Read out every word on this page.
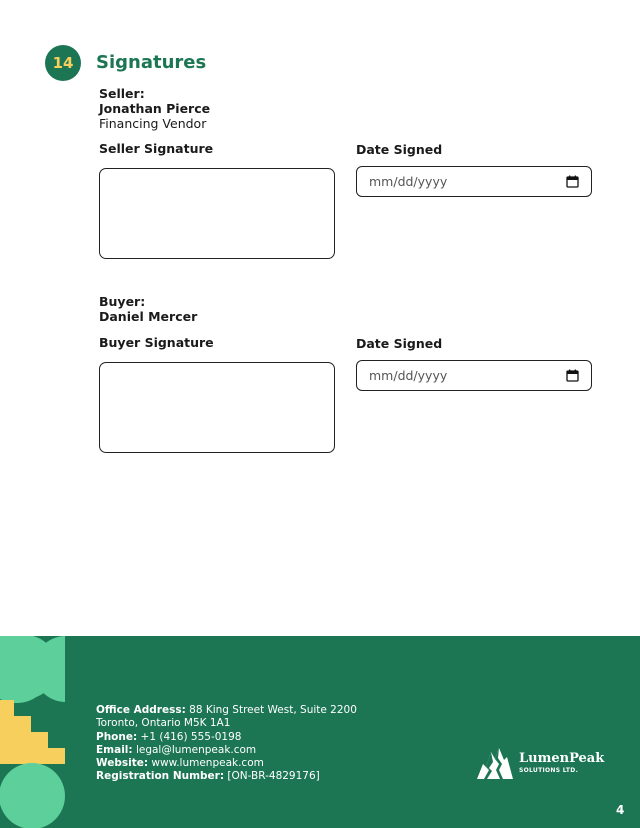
14	Signatures
Seller:
Jonathan Pierce
Financing Vendor
Seller Signature	Date Signed
mm/dd/yyyy
Buyer:
Daniel Mercer
Buyer Signature	Date Signed
mm/dd/yyyy
Office Address: 88 King Street West, Suite 2200
Toronto, Ontario M5K 1A1
Phone: +1 (416) 555-0198
Email: legal@lumenpeak.com
Website: www.lumenpeak.com
Registration Number: [ON-BR-4829176]
LumenPeak
SOLUTIONS LTD.
4
